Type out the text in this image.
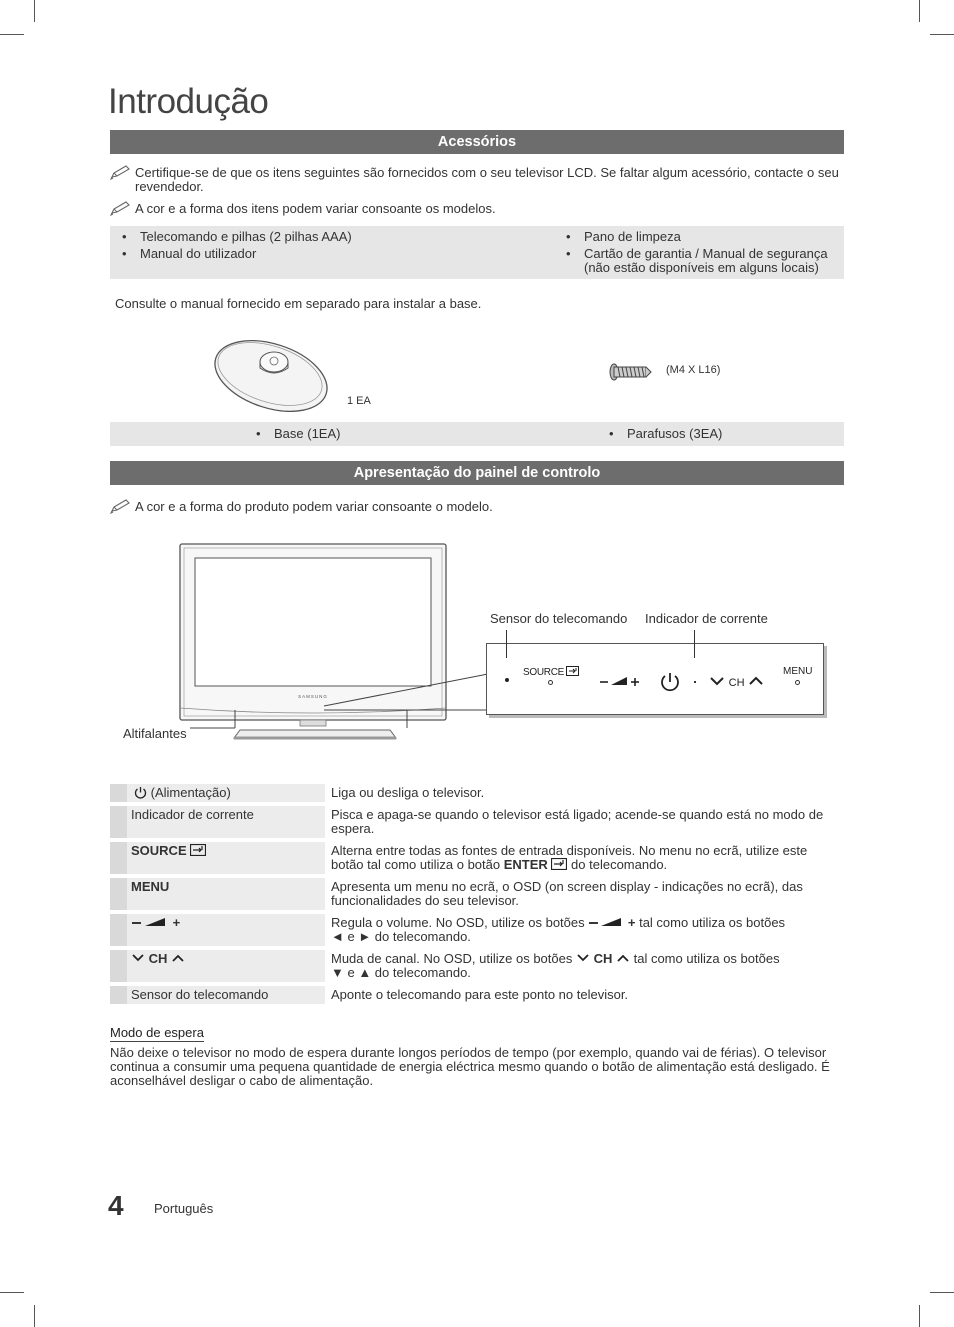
Introdução
Acessórios
Certifique-se de que os itens seguintes são fornecidos com o seu televisor LCD. Se faltar algum acessório, contacte o seu revendedor.
A cor e a forma dos itens podem variar consoante os modelos.
• Telecomando e pilhas (2 pilhas AAA)
• Manual do utilizador
• Pano de limpeza
• Cartão de garantia / Manual de segurança (não estão disponíveis em alguns locais)
Consulte o manual fornecido em separado para instalar a base.
1 EA
(M4 X L16)
• Base (1EA)	• Parafusos (3EA)
Apresentação do painel de controlo
A cor e a forma do produto podem variar consoante o modelo.
SAMSUNG
SOURCE
CH
MENU
Sensor do telecomando Indicador de corrente
Altifalantes
	(Alimentação)	Liga ou desliga o televisor.
	Indicador de corrente	Pisca e apaga-se quando o televisor está ligado; acende-se quando está no modo de espera.
	SOURCE	Alterna entre todas as fontes de entrada disponíveis. No menu no ecrã, utilize este botão tal como utiliza o botão ENTER  do telecomando.
	MENU	Apresenta um menu no ecrã, o OSD (on screen display - indicações no ecrã), das funcionalidades do seu televisor.
	+	Regula o volume. No OSD, utilize os botões + tal como utiliza os botões
◄ e ► do telecomando.
	CH	Muda de canal. No OSD, utilize os botões  CH  tal como utiliza os botões
▼ e ▲ do telecomando.
	Sensor do telecomando	Aponte o telecomando para este ponto no televisor.
Modo de espera
Não deixe o televisor no modo de espera durante longos períodos de tempo (por exemplo, quando vai de férias). O televisor continua a consumir uma pequena quantidade de energia eléctrica mesmo quando o botão de alimentação está desligado. É aconselhável desligar o cabo de alimentação.
4 Português
